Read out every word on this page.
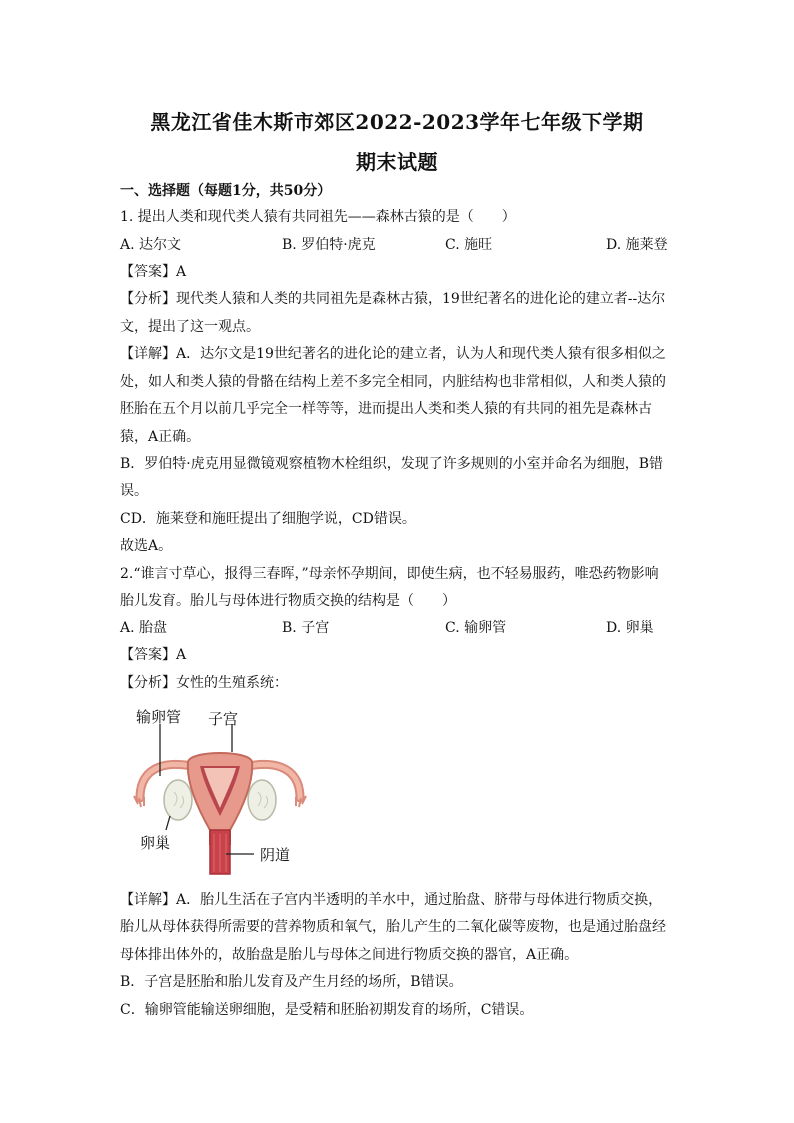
黑龙江省佳木斯市郊区2022-2023学年七年级下学期
期末试题
一、选择题（每题1分，共50分）
1. 提出人类和现代类人猿有共同祖先——森林古猿的是（　　）
A. 达尔文	B. 罗伯特·虎克	C. 施旺	D. 施莱登
【答案】A
【分析】现代类人猿和人类的共同祖先是森林古猿，19世纪著名的进化论的建立者--达尔
文，提出了这一观点。
【详解】A．达尔文是19世纪著名的进化论的建立者，认为人和现代类人猿有很多相似之
处，如人和类人猿的骨骼在结构上差不多完全相同，内脏结构也非常相似，人和类人猿的
胚胎在五个月以前几乎完全一样等等，进而提出人类和类人猿的有共同的祖先是森林古
猿，A正确。
B．罗伯特·虎克用显微镜观察植物木栓组织，发现了许多规则的小室并命名为细胞，B错
误。
CD．施莱登和施旺提出了细胞学说，CD错误。
故选A。
2.“谁言寸草心，报得三春晖，”母亲怀孕期间，即使生病，也不轻易服药，唯恐药物影响
胎儿发育。胎儿与母体进行物质交换的结构是（　　）
A. 胎盘	B. 子宫	C. 输卵管	D. 卵巢
【答案】A
【分析】女性的生殖系统：
输卵管 子宫
卵巢
阴道
【详解】A．胎儿生活在子宫内半透明的羊水中，通过胎盘、脐带与母体进行物质交换，
胎儿从母体获得所需要的营养物质和氧气，胎儿产生的二氧化碳等废物，也是通过胎盘经
母体排出体外的，故胎盘是胎儿与母体之间进行物质交换的器官，A正确。
B．子宫是胚胎和胎儿发育及产生月经的场所，B错误。
C．输卵管能输送卵细胞，是受精和胚胎初期发育的场所，C错误。
